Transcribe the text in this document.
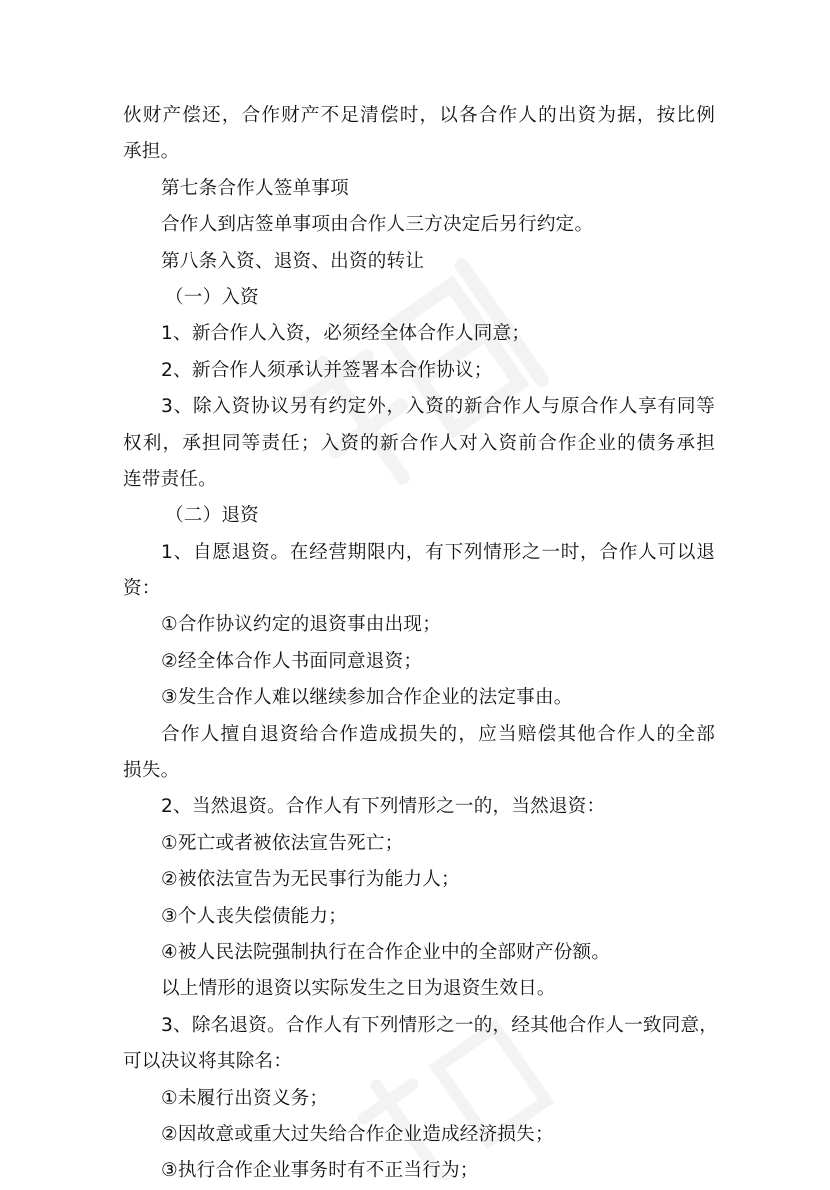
伙财产偿还，合作财产不足清偿时，以各合作人的出资为据，按比例
承担。
第七条合作人签单事项
合作人到店签单事项由合作人三方决定后另行约定。
第八条入资、退资、出资的转让
（一）入资
1、新合作人入资，必须经全体合作人同意；
2、新合作人须承认并签署本合作协议；
3、除入资协议另有约定外，入资的新合作人与原合作人享有同等
权利，承担同等责任；入资的新合作人对入资前合作企业的债务承担
连带责任。
（二）退资
1、自愿退资。在经营期限内，有下列情形之一时，合作人可以退
资：
①合作协议约定的退资事由出现；
②经全体合作人书面同意退资；
③发生合作人难以继续参加合作企业的法定事由。
合作人擅自退资给合作造成损失的，应当赔偿其他合作人的全部
损失。
2、当然退资。合作人有下列情形之一的，当然退资：
①死亡或者被依法宣告死亡；
②被依法宣告为无民事行为能力人；
③个人丧失偿债能力；
④被人民法院强制执行在合作企业中的全部财产份额。
以上情形的退资以实际发生之日为退资生效日。
3、除名退资。合作人有下列情形之一的，经其他合作人一致同意，
可以决议将其除名：
①未履行出资义务；
②因故意或重大过失给合作企业造成经济损失；
③执行合作企业事务时有不正当行为；
